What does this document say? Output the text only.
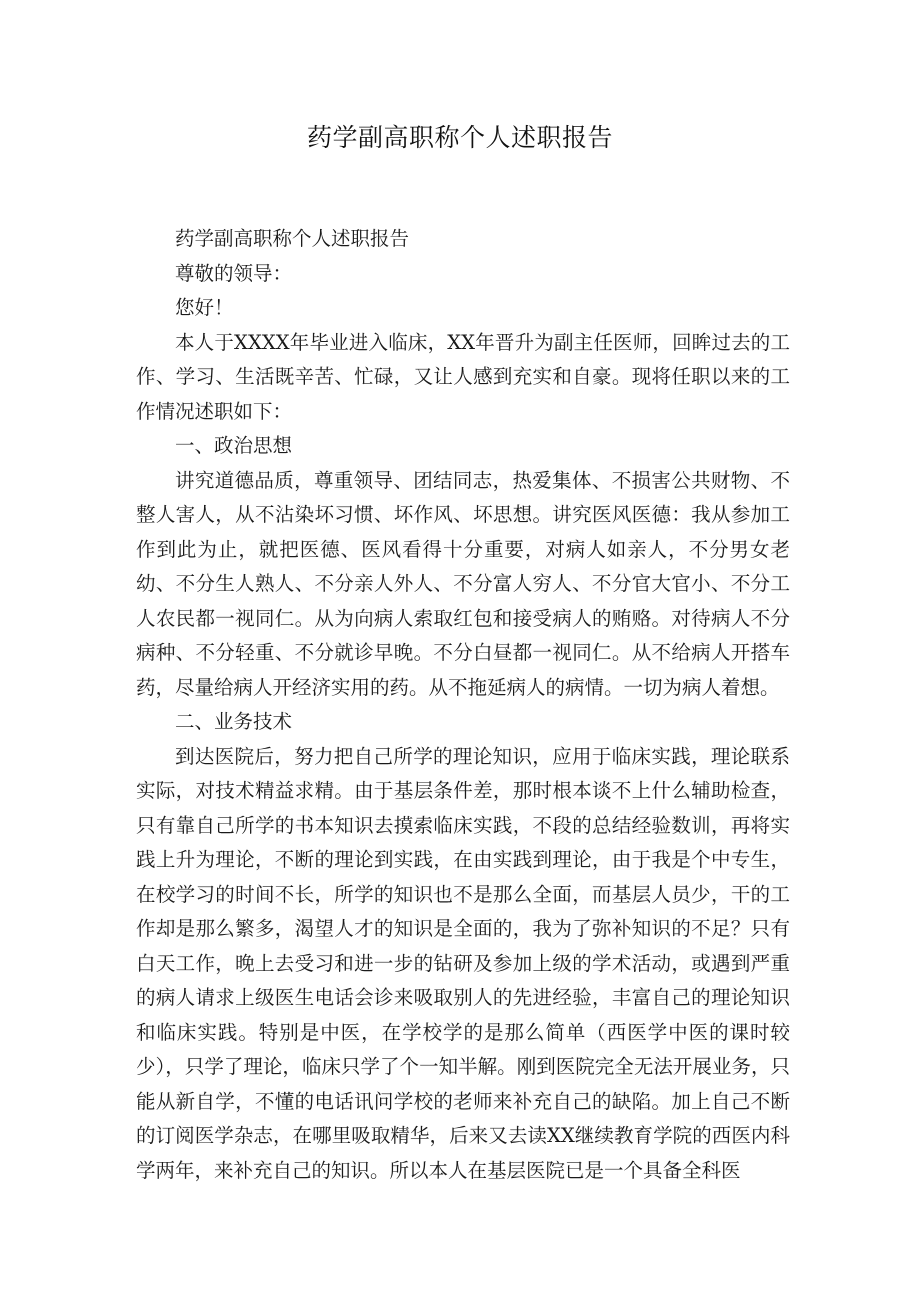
药学副高职称个人述职报告

药学副高职称个人述职报告

尊敬的领导：

您好！

本人于XXXX年毕业进入临床，XX年晋升为副主任医师，回眸过去的工作、学习、生活既辛苦、忙碌，又让人感到充实和自豪。现将任职以来的工作情况述职如下：

一、政治思想

讲究道德品质，尊重领导、团结同志，热爱集体、不损害公共财物、不整人害人，从不沾染坏习惯、坏作风、坏思想。讲究医风医德：我从参加工作到此为止，就把医德、医风看得十分重要，对病人如亲人，不分男女老幼、不分生人熟人、不分亲人外人、不分富人穷人、不分官大官小、不分工人农民都一视同仁。从为向病人索取红包和接受病人的贿赂。对待病人不分病种、不分轻重、不分就诊早晚。不分白昼都一视同仁。从不给病人开搭车药，尽量给病人开经济实用的药。从不拖延病人的病情。一切为病人着想。

二、业务技术

到达医院后，努力把自己所学的理论知识，应用于临床实践，理论联系实际，对技术精益求精。由于基层条件差，那时根本谈不上什么辅助检查，只有靠自己所学的书本知识去摸索临床实践，不段的总结经验数训，再将实践上升为理论，不断的理论到实践，在由实践到理论，由于我是个中专生，在校学习的时间不长，所学的知识也不是那么全面，而基层人员少，干的工作却是那么繁多，渴望人才的知识是全面的，我为了弥补知识的不足？只有白天工作，晚上去受习和进一步的钻研及参加上级的学术活动，或遇到严重的病人请求上级医生电话会诊来吸取别人的先进经验，丰富自己的理论知识和临床实践。特别是中医，在学校学的是那么简单（西医学中医的课时较少），只学了理论，临床只学了个一知半解。刚到医院完全无法开展业务，只能从新自学，不懂的电话讯问学校的老师来补充自己的缺陷。加上自己不断的订阅医学杂志，在哪里吸取精华，后来又去读XX继续教育学院的西医内科学两年，来补充自己的知识。所以本人在基层医院已是一个具备全科医
